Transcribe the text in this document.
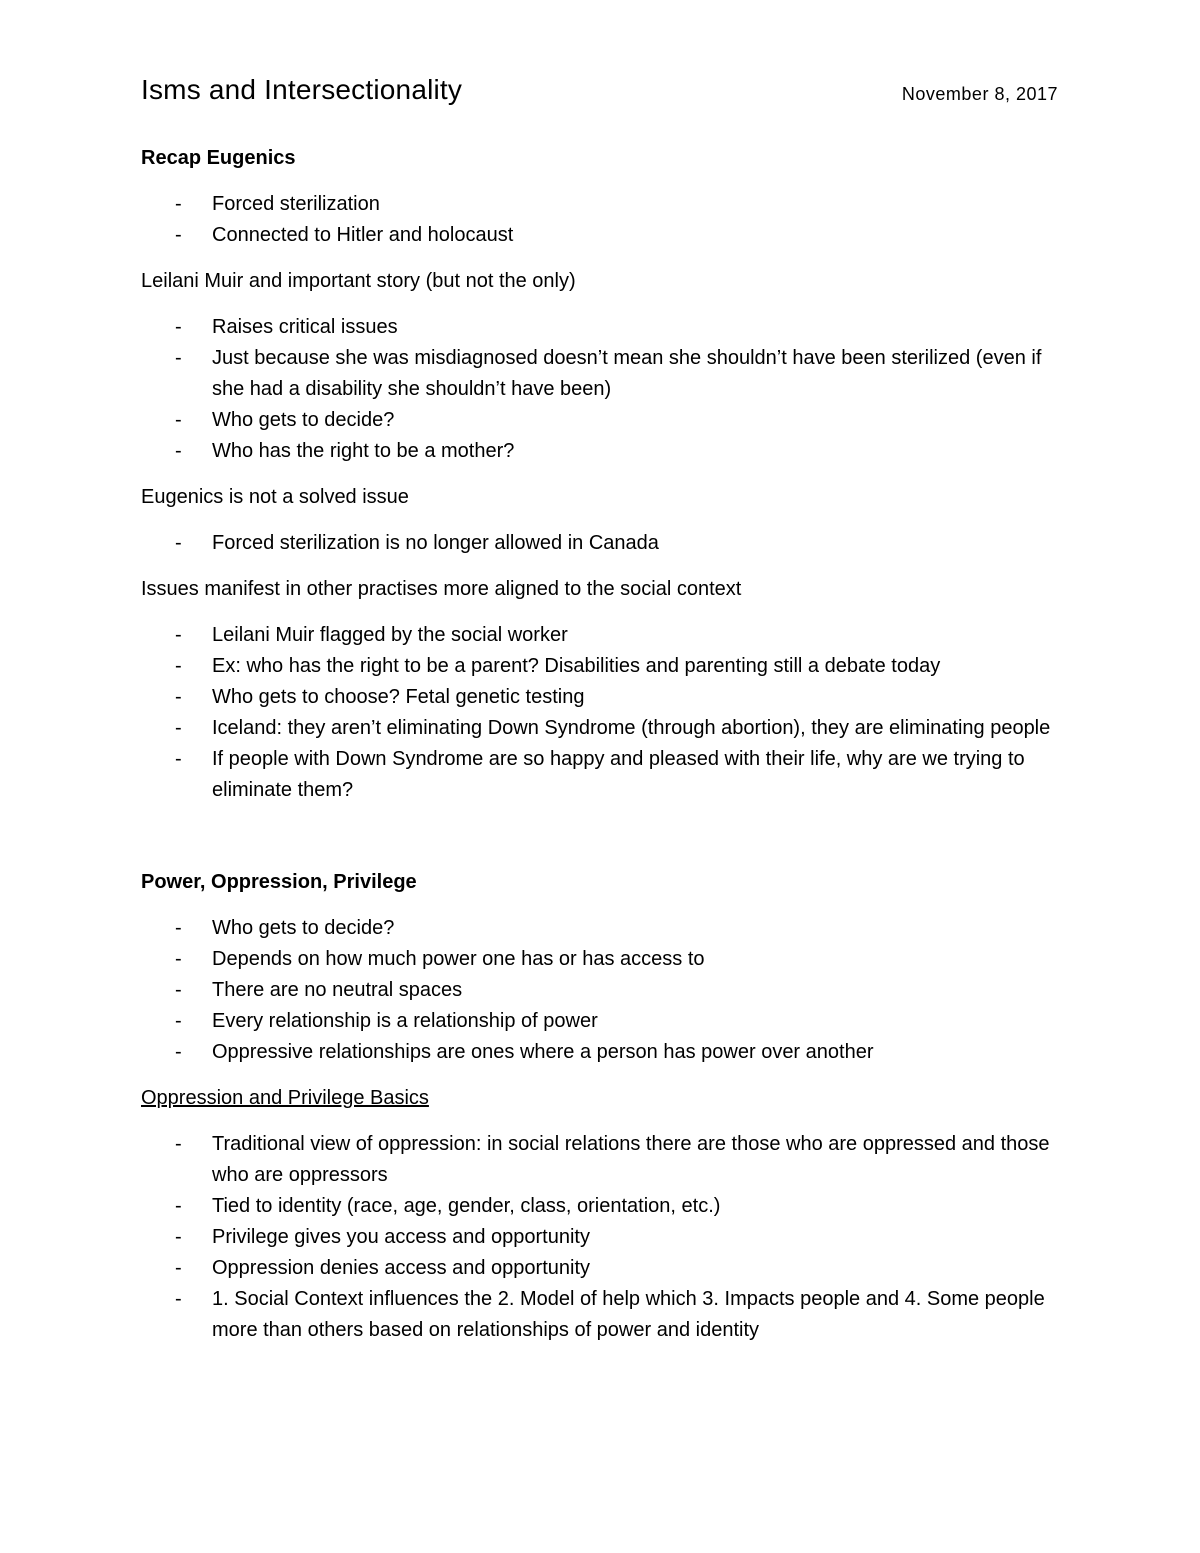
Isms and Intersectionality	November 8, 2017
Recap Eugenics
- Forced sterilization
- Connected to Hitler and holocaust
Leilani Muir and important story (but not the only)
- Raises critical issues
- Just because she was misdiagnosed doesn’t mean she shouldn’t have been sterilized (even if she had a disability she shouldn’t have been)
- Who gets to decide?
- Who has the right to be a mother?
Eugenics is not a solved issue
- Forced sterilization is no longer allowed in Canada
Issues manifest in other practises more aligned to the social context
- Leilani Muir flagged by the social worker
- Ex: who has the right to be a parent? Disabilities and parenting still a debate today
- Who gets to choose? Fetal genetic testing
- Iceland: they aren’t eliminating Down Syndrome (through abortion), they are eliminating people
- If people with Down Syndrome are so happy and pleased with their life, why are we trying to eliminate them?
Power, Oppression, Privilege
- Who gets to decide?
- Depends on how much power one has or has access to
- There are no neutral spaces
- Every relationship is a relationship of power
- Oppressive relationships are ones where a person has power over another
Oppression and Privilege Basics
- Traditional view of oppression: in social relations there are those who are oppressed and those who are oppressors
- Tied to identity (race, age, gender, class, orientation, etc.)
- Privilege gives you access and opportunity
- Oppression denies access and opportunity
- 1. Social Context influences the 2. Model of help which 3. Impacts people and 4. Some people more than others based on relationships of power and identity
